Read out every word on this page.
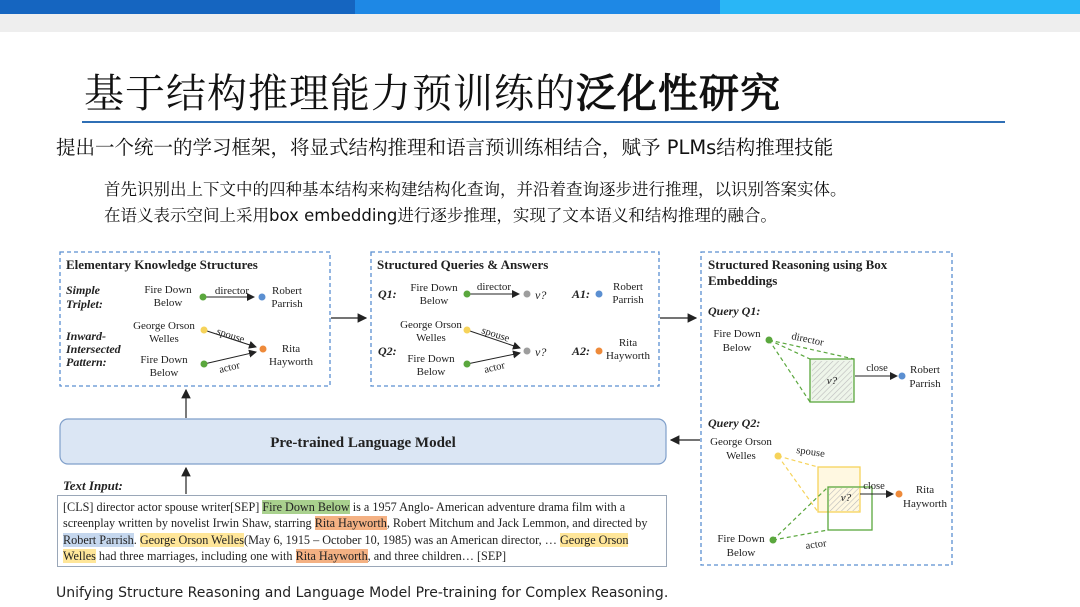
基于结构推理能力预训练的泛化性研究
提出一个统一的学习框架，将显式结构推理和语言预训练相结合，赋予 PLMs结构推理技能
首先识别出上下文中的四种基本结构来构建结构化查询，并沿着查询逐步进行推理，以识别答案实体。
在语义表示空间上采用box embedding进行逐步推理，实现了文本语义和结构推理的融合。
Elementary Knowledge Structures
Simple
Triplet:
Inward-
Intersected
Pattern:
Fire Down
Below
director Robert
Parrish
George Orson
Welles
Fire Down
Below
spouse
actor
Rita
Hayworth
Structured Queries & Answers
Q1: Fire Down
Below
director
v? A1: Robert
Parrish
Q2:
George Orson
Welles
Fire Down
Below
spouse
actor
v? A2:
Rita
Hayworth
Structured Reasoning using Box
Embeddings
Query Q1:
Fire Down
Below	director
v?
close Robert
Parrish
Query Q2:
George Orson
Welles	spouse
Fire Down
Below
actor
v?
close	Rita
Hayworth
Pre-trained Language Model
Text Input:
[CLS] director actor spouse writer[SEP] Fire Down Below is a 1957 Anglo- American adventure drama film with a screenplay written by novelist Irwin Shaw, starring Rita Hayworth, Robert Mitchum and Jack Lemmon, and directed by Robert Parrish. George Orson Welles(May 6, 1915 – October 10, 1985) was an American director, … George Orson Welles had three marriages, including one with Rita Hayworth, and three children… [SEP]
Unifying Structure Reasoning and Language Model Pre-training for Complex Reasoning.
